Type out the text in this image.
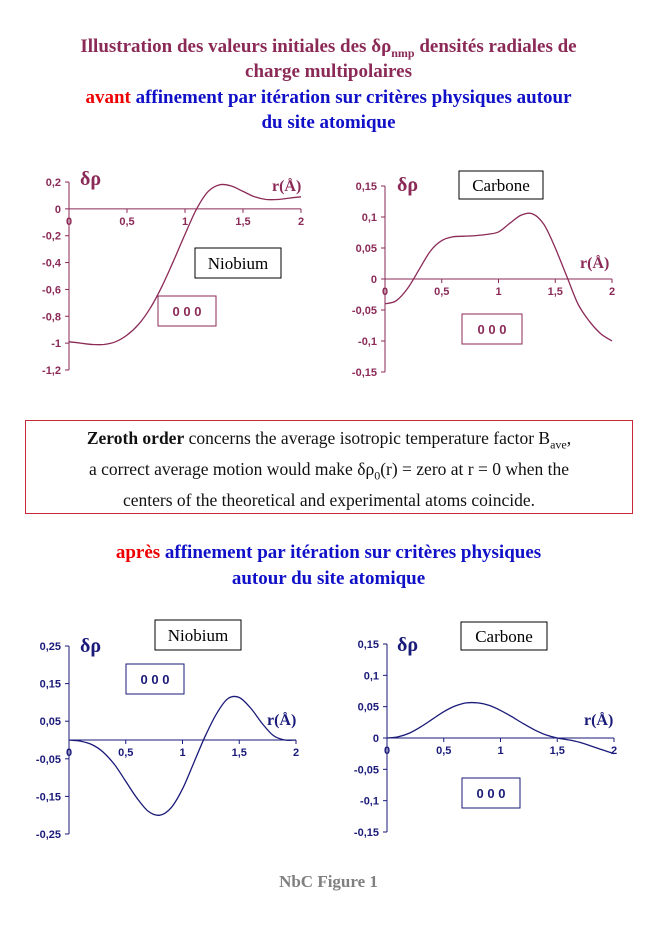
Illustration des valeurs initiales des $\delta\rho_{nmp}$ densités radiales de
charge multipolaires
avant affinement par itération sur critères physiques autour
du site atomique
0,2
0
-0,2
-0,4
-0,6
-0,8
-1
-1,2
0	0,5	1	1,5	2
δρ	r(Å)
Niobium
0 0 0
0,15
0,1
0,05
0
-0,05
-0,1
-0,15
0	0,5	1	1,5	2
δρ
r(Å)
Carbone
0 0 0
Zeroth order concerns the average isotropic temperature factor $B_{ave}$,
a correct average motion would make $\delta\rho_0(r)$ = zero at r = 0 when the
centers of the theoretical and experimental atoms coincide.
après affinement par itération sur critères physiques
autour du site atomique
0,25
0,15
0,05
-0,05
-0,15
-0,25
0	0,5	1	1,5	2
δρ
r(Å)
Niobium
0 0 0
0,15
0,1
0,05
0
-0,05
-0,1
-0,15
0	0,5	1	1,5	2
δρ
r(Å)
Carbone
0 0 0
NbC Figure 1
